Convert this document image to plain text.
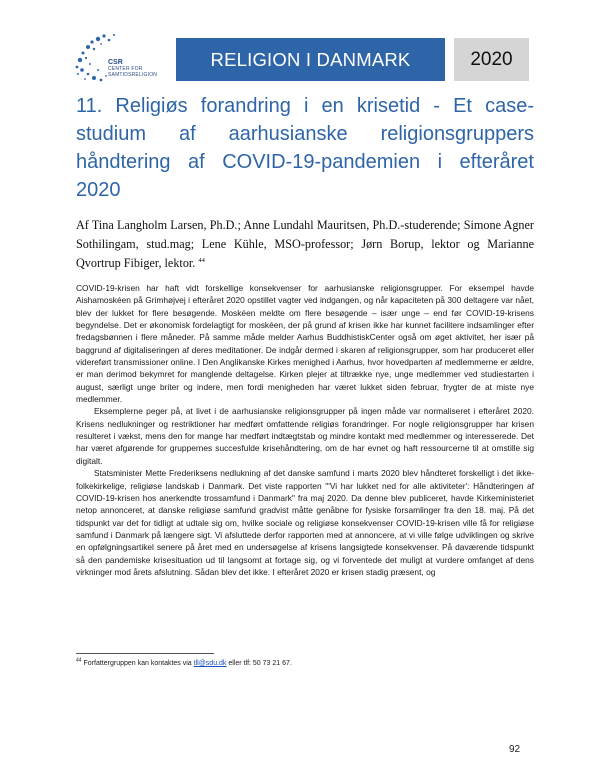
CSR
CENTER FOR
SAMTIDSRELIGION
RELIGION I DANMARK	2020
11. Religiøs forandring i en krisetid - Et case-studium af aarhusianske religionsgruppers håndtering af COVID-19-pandemien i efteråret 2020
Af Tina Langholm Larsen, Ph.D.; Anne Lundahl Mauritsen, Ph.D.-studerende; Simone Agner Sothilingam, stud.mag; Lene Kühle, MSO-professor; Jørn Borup, lektor og Marianne Qvortrup Fibiger, lektor. $^{44}$

COVID-19-krisen har haft vidt forskellige konsekvenser for aarhusianske religionsgrupper. For eksempel havde Aishamoskéen på Grimhøjvej i efteråret 2020 opstillet vagter ved indgangen, og når kapaciteten på 300 deltagere var nået, blev der lukket for flere besøgende. Moskéen meldte om flere besøgende – især unge – end før COVID-19-krisens begyndelse. Det er økonomisk fordelagtigt for moskéen, der på grund af krisen ikke har kunnet facilitere indsamlinger efter fredagsbønnen i flere måneder. På samme måde melder Aarhus BuddhistiskCenter også om øget aktivitet, her især på baggrund af digitaliseringen af deres meditationer. De indgår dermed i skaren af religionsgrupper, som har produceret eller videreført transmissioner online. I Den Anglikanske Kirkes menighed i Aarhus, hvor hovedparten af medlemmerne er ældre, er man derimod bekymret for manglende deltagelse. Kirken plejer at tiltrække nye, unge medlemmer ved studiestarten i august, særligt unge briter og indere, men fordi menigheden har været lukket siden februar, frygter de at miste nye medlemmer.

Eksemplerne peger på, at livet i de aarhusianske religionsgrupper på ingen måde var normaliseret i efteråret 2020. Krisens nedlukninger og restriktioner har medført omfattende religiøs forandringer. For nogle religionsgrupper har krisen resulteret i vækst, mens den for mange har medført indtægtstab og mindre kontakt med medlemmer og interesserede. Det har været afgørende for gruppernes succesfulde krisehåndtering, om de har evnet og haft ressourcerne til at omstille sig digitalt.

Statsminister Mette Frederiksens nedlukning af det danske samfund i marts 2020 blev håndteret forskelligt i det ikke-folkekirkelige, religiøse landskab i Danmark. Det viste rapporten "'Vi har lukket ned for alle aktiviteter': Håndteringen af COVID-19-krisen hos anerkendte trossamfund i Danmark" fra maj 2020. Da denne blev publiceret, havde Kirkeministeriet netop annonceret, at danske religiøse samfund gradvist måtte genåbne for fysiske forsamlinger fra den 18. maj. På det tidspunkt var det for tidligt at udtale sig om, hvilke sociale og religiøse konsekvenser COVID-19-krisen ville få for religiøse samfund i Danmark på længere sigt. Vi afsluttede derfor rapporten med at annoncere, at vi ville følge udviklingen og skrive en opfølgningsartikel senere på året med en undersøgelse af krisens langsigtede konsekvenser. På daværende tidspunkt så den pandemiske krisesituation ud til langsomt at fortage sig, og vi forventede det muligt at vurdere omfanget af dens virkninger mod årets afslutning. Sådan blev det ikke. I efteråret 2020 er krisen stadig præsent, og

$^{44}$ Forfattergruppen kan kontaktes via tll@sdu.dk eller tlf: 50 73 21 67.
92
